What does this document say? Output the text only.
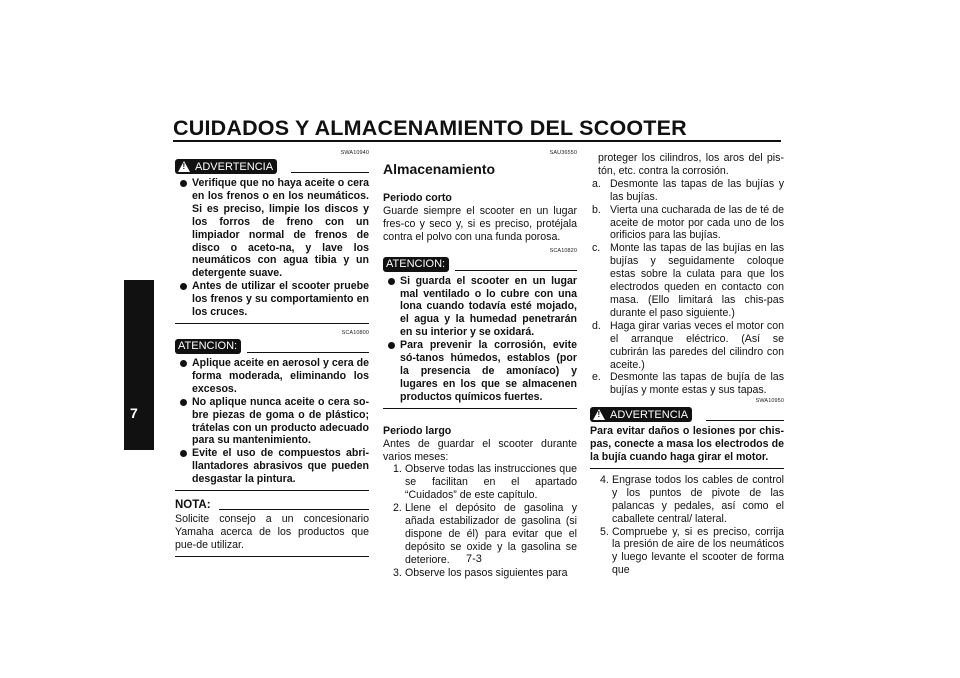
CUIDADOS Y ALMACENAMIENTO DEL SCOOTER
7
SWA10940
! ADVERTENCIA
Verifique que no haya aceite o cera en los frenos o en los neumáticos. Si es preciso, limpie los discos y los forros de freno con un limpiador normal de frenos de disco o aceto-na, y lave los neumáticos con agua tibia y un detergente suave.
Antes de utilizar el scooter pruebe los frenos y su comportamiento en los cruces.
SCA10800
ATENCION:
Aplique aceite en aerosol y cera de forma moderada, eliminando los excesos.
No aplique nunca aceite o cera so-bre piezas de goma o de plástico; trátelas con un producto adecuado para su mantenimiento.
Evite el uso de compuestos abri-llantadores abrasivos que pueden desgastar la pintura.
NOTA:
Solicite consejo a un concesionario Yamaha acerca de los productos que pue-de utilizar.
SAU36550
Almacenamiento
Periodo corto
Guarde siempre el scooter en un lugar fres-co y seco y, si es preciso, protéjala contra el polvo con una funda porosa.
SCA10820
ATENCION:
Si guarda el scooter en un lugar mal ventilado o lo cubre con una lona cuando todavía esté mojado, el agua y la humedad penetrarán en su interior y se oxidará.
Para prevenir la corrosión, evite só-tanos húmedos, establos (por la presencia de amoníaco) y lugares en los que se almacenen productos químicos fuertes.
Periodo largo
Antes de guardar el scooter durante varios meses:
1. Observe todas las instrucciones que se facilitan en el apartado “Cuidados” de este capítulo.
2. Llene el depósito de gasolina y añada estabilizador de gasolina (si dispone de él) para evitar que el depósito se oxide y la gasolina se deteriore.
3. Observe los pasos siguientes para
proteger los cilindros, los aros del pis-tón, etc. contra la corrosión.
a. Desmonte las tapas de las bujías y las bujías.
b. Vierta una cucharada de las de té de aceite de motor por cada uno de los orificios para las bujías.
c. Monte las tapas de las bujías en las bujías y seguidamente coloque estas sobre la culata para que los electrodos queden en contacto con masa. (Ello limitará las chis-pas durante el paso siguiente.)
d. Haga girar varias veces el motor con el arranque eléctrico. (Así se cubrirán las paredes del cilindro con aceite.)
e. Desmonte las tapas de bujía de las bujías y monte estas y sus tapas.
SWA10950
! ADVERTENCIA
Para evitar daños o lesiones por chis-pas, conecte a masa los electrodos de la bujía cuando haga girar el motor.
4. Engrase todos los cables de control y los puntos de pivote de las palancas y pedales, así como el caballete central/ lateral.
5. Compruebe y, si es preciso, corrija la presión de aire de los neumáticos y luego levante el scooter de forma que
7-3
